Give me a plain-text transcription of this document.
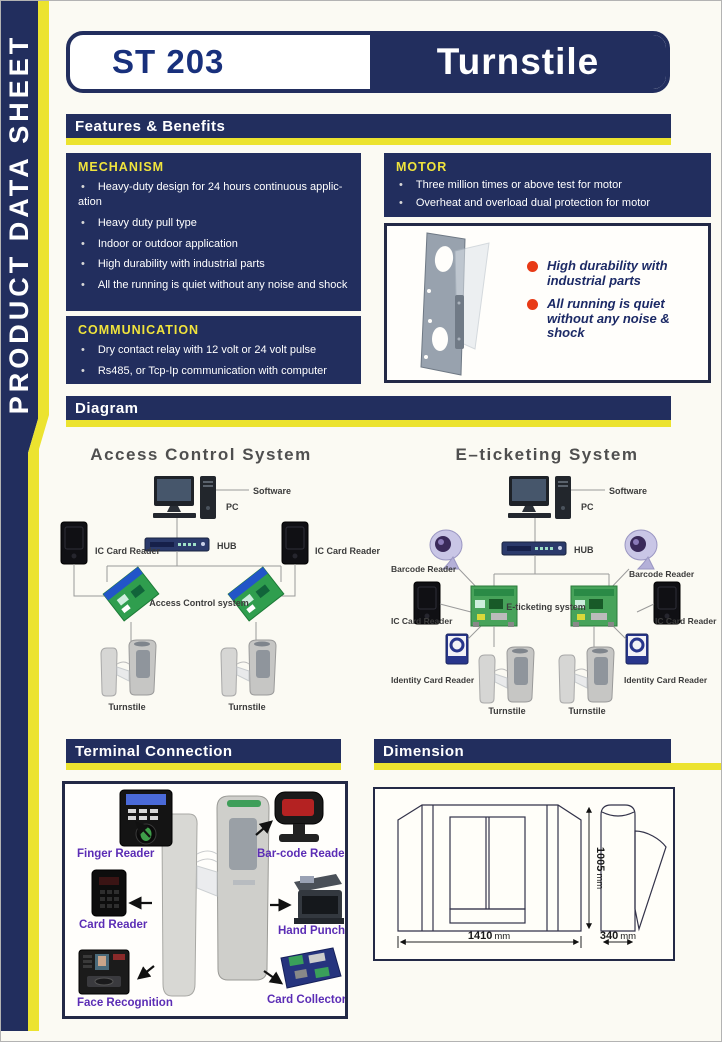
PRODUCT DATA SHEET	ST 203	Turnstile
Features & Benefits
MECHANISM
• Heavy-duty design for 24 hours continuous applic-ation
• Heavy duty pull type
• Indoor or outdoor application
• High durability with industrial parts
• All the running is quiet without any noise and shock
COMMUNICATION
• Dry contact relay with 12 volt or 24 volt pulse
• Rs485, or Tcp-Ip communication with computer
MOTOR
• Three million times or above test for motor
• Overheat and overload dual protection for motor
High durability with industrial parts
All running is quiet without any noise & shock
Diagram
Access Control System
Software
PC
HUB
IC Card Reader	IC Card Reader
Access Control system
Turnstile	Turnstile
E–ticketing System
Software
PC
HUB
Barcode Reader	Barcode Reader
IC Card Reader	IC Card Reader
Identity Card Reader	Identity Card Reader
E-ticketing system
Turnstile	Turnstile
Terminal Connection	Dimension
Finger Reader	Bar-code Reader
Card Reader	Hand Punch
Face Recognition	Card Collector
1410 mm
1005mm
340 mm
